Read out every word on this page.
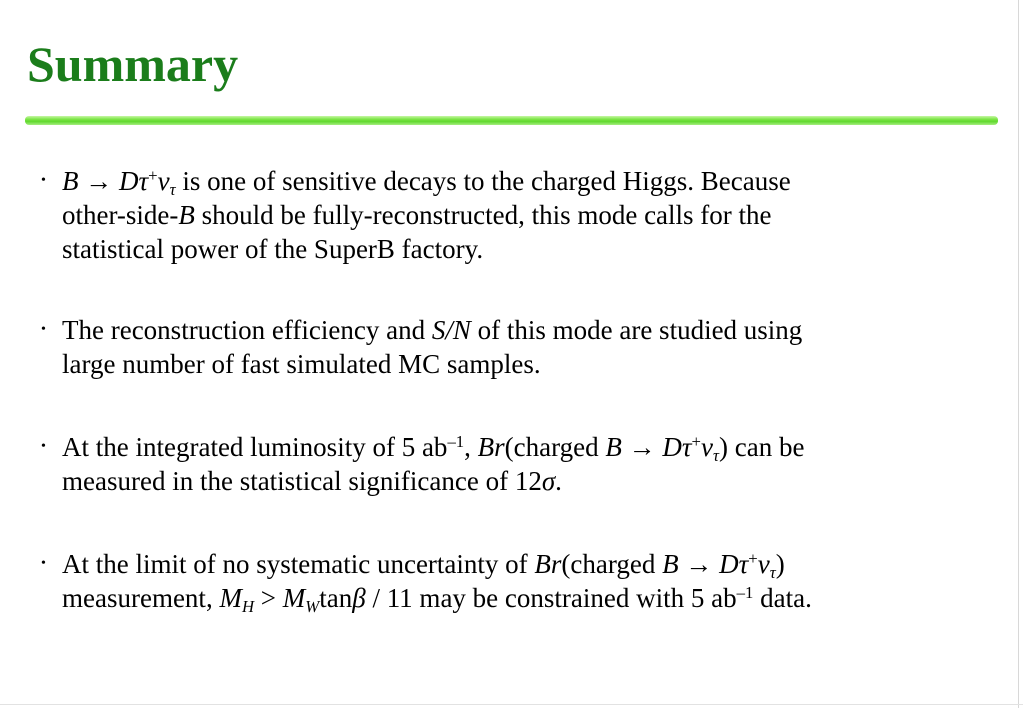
Summary
• $B \to D\tau^+\nu_\tau$ is one of sensitive decays to the charged Higgs. Because
other-side-B should be fully-reconstructed, this mode calls for the
statistical power of the SuperB factory.
• The reconstruction efficiency and S/N of this mode are studied using
large number of fast simulated MC samples.
• At the integrated luminosity of 5 $ab^{-1}$, Br(charged $B \to D\tau^+\nu_\tau$) can be
measured in the statistical significance of 12σ.
• At the limit of no systematic uncertainty of Br(charged $B \to D\tau^+\nu_\tau$)
measurement, $M_H > M_W\tan\beta / 11$ may be constrained with 5 $ab^{-1}$ data.
